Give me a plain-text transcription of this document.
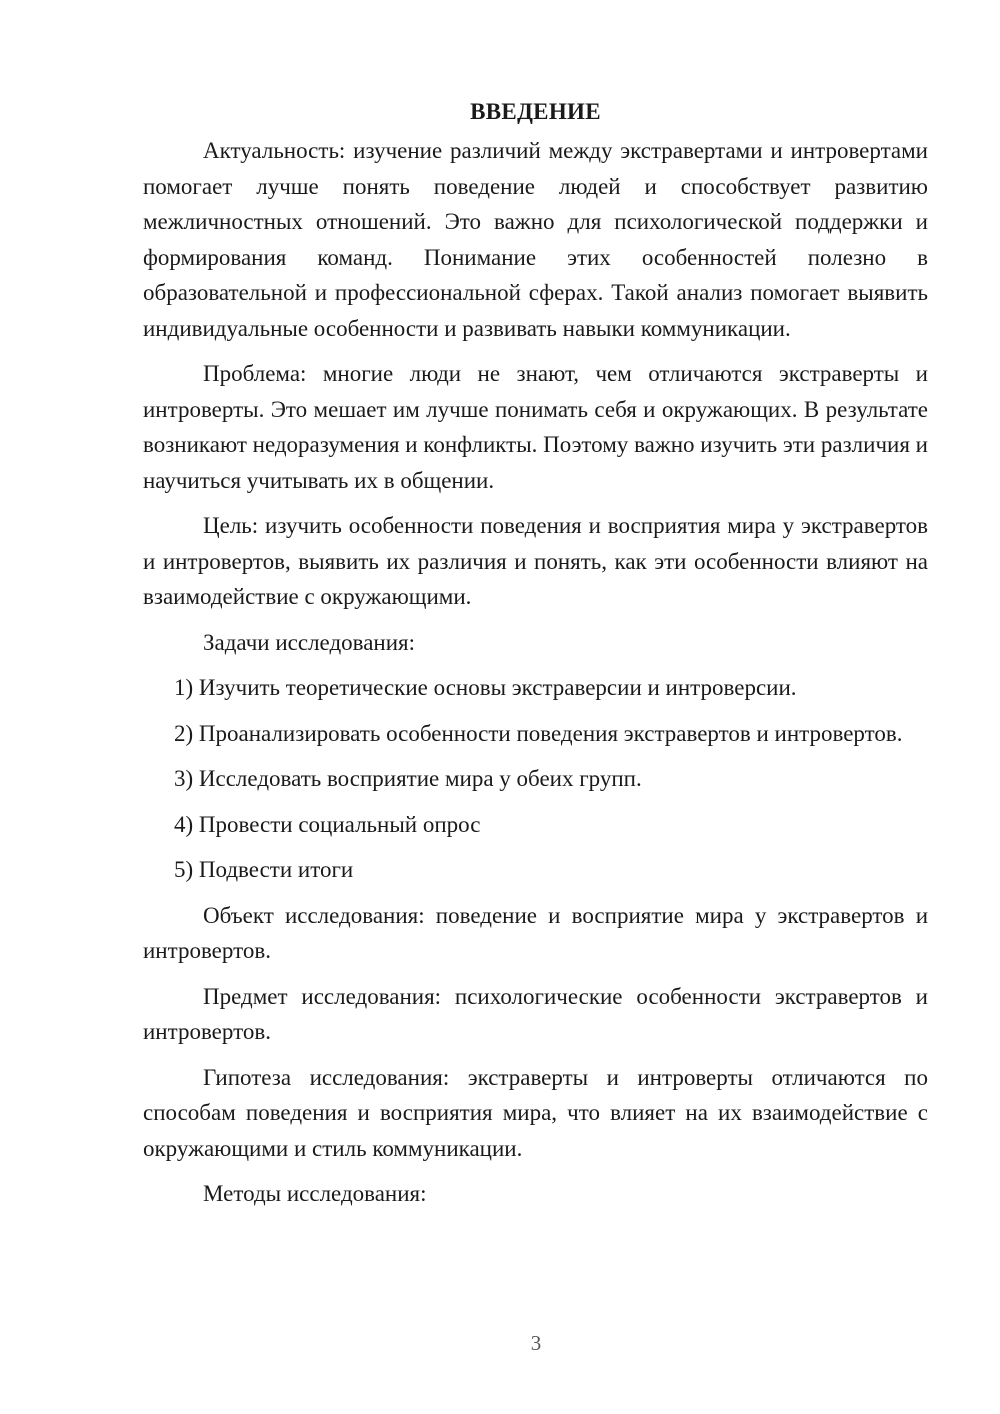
ВВЕДЕНИЕ

Актуальность: изучение различий между экстравертами и интровертами помогает лучше понять поведение людей и способствует развитию межличностных отношений. Это важно для психологической поддержки и формирования команд. Понимание этих особенностей полезно в образовательной и профессиональной сферах. Такой анализ помогает выявить индивидуальные особенности и развивать навыки коммуникации.

Проблема: многие люди не знают, чем отличаются экстраверты и интроверты. Это мешает им лучше понимать себя и окружающих. В результате возникают недоразумения и конфликты. Поэтому важно изучить эти различия и научиться учитывать их в общении.

Цель: изучить особенности поведения и восприятия мира у экстравертов и интровертов, выявить их различия и понять, как эти особенности влияют на взаимодействие с окружающими.

Задачи исследования:

1) Изучить теоретические основы экстраверсии и интроверсии.

2) Проанализировать особенности поведения экстравертов и интровертов.

3) Исследовать восприятие мира у обеих групп.

4) Провести социальный опрос

5) Подвести итоги

Объект исследования: поведение и восприятие мира у экстравертов и интровертов.

Предмет исследования: психологические особенности экстравертов и интровертов.

Гипотеза исследования: экстраверты и интроверты отличаются по способам поведения и восприятия мира, что влияет на их взаимодействие с окружающими и стиль коммуникации.

Методы исследования:

3
